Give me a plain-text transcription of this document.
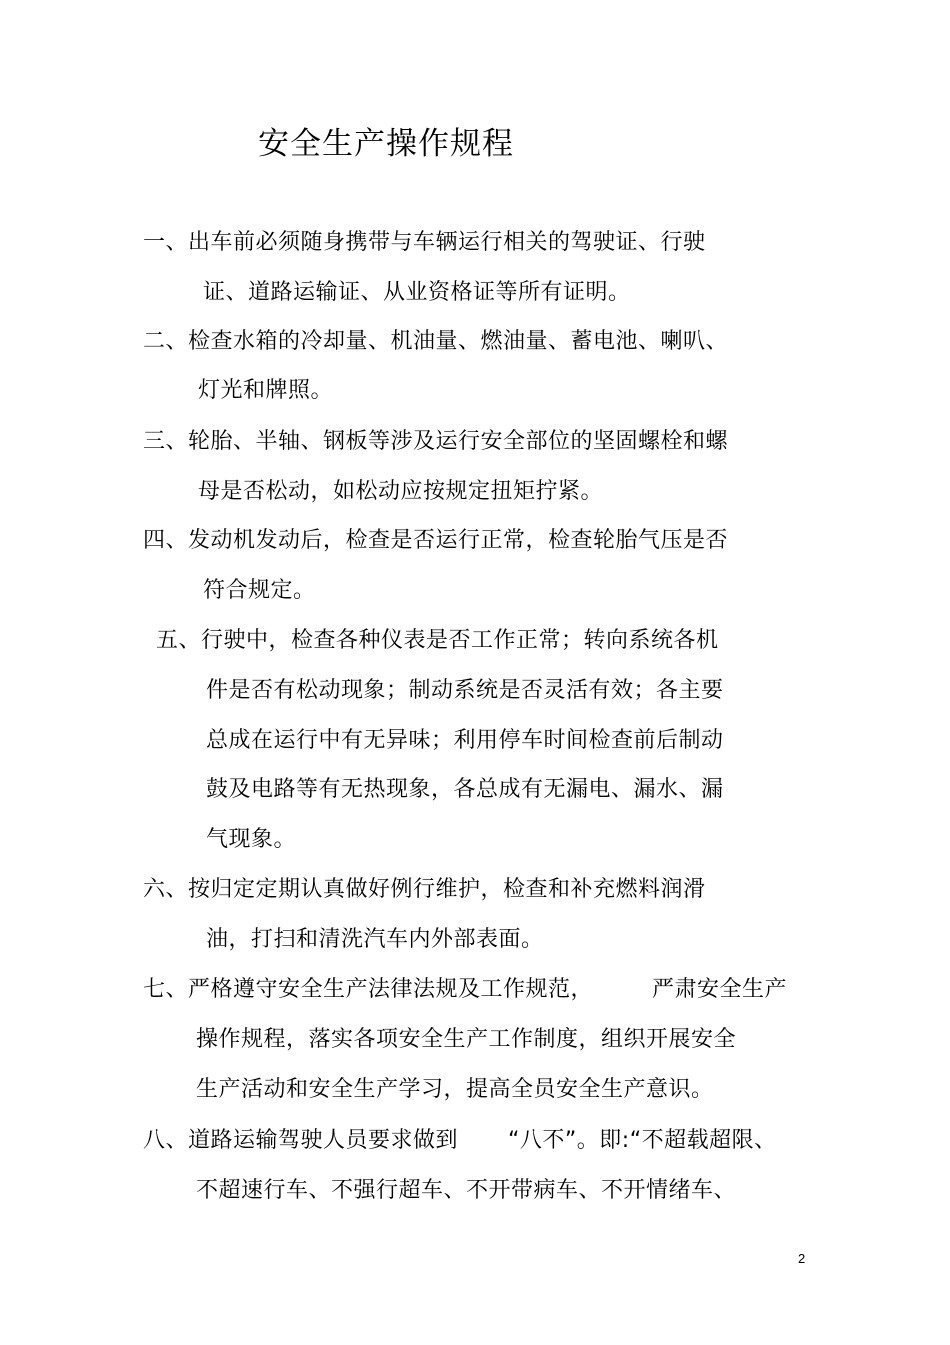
安全生产操作规程
一、出车前必须随身携带与车辆运行相关的驾驶证、行驶
证、道路运输证、从业资格证等所有证明。
二、检查水箱的冷却量、机油量、燃油量、蓄电池、喇叭、
灯光和牌照。
三、轮胎、半轴、钢板等涉及运行安全部位的坚固螺栓和螺
母是否松动，如松动应按规定扭矩拧紧。
四、发动机发动后，检查是否运行正常，检查轮胎气压是否
符合规定。
五、行驶中，检查各种仪表是否工作正常；转向系统各机
件是否有松动现象；制动系统是否灵活有效；各主要
总成在运行中有无异味；利用停车时间检查前后制动
鼓及电路等有无热现象，各总成有无漏电、漏水、漏
气现象。
六、按归定定期认真做好例行维护，检查和补充燃料润滑
油，打扫和清洗汽车内外部表面。
七、严格遵守安全生产法律法规及工作规范，	严肃安全生产
操作规程，落实各项安全生产工作制度，组织开展安全
生产活动和安全生产学习，提高全员安全生产意识。
八、道路运输驾驶人员要求做到 “八不”。即:“不超载超限、
不超速行车、不强行超车、不开带病车、不开情绪车、
2
